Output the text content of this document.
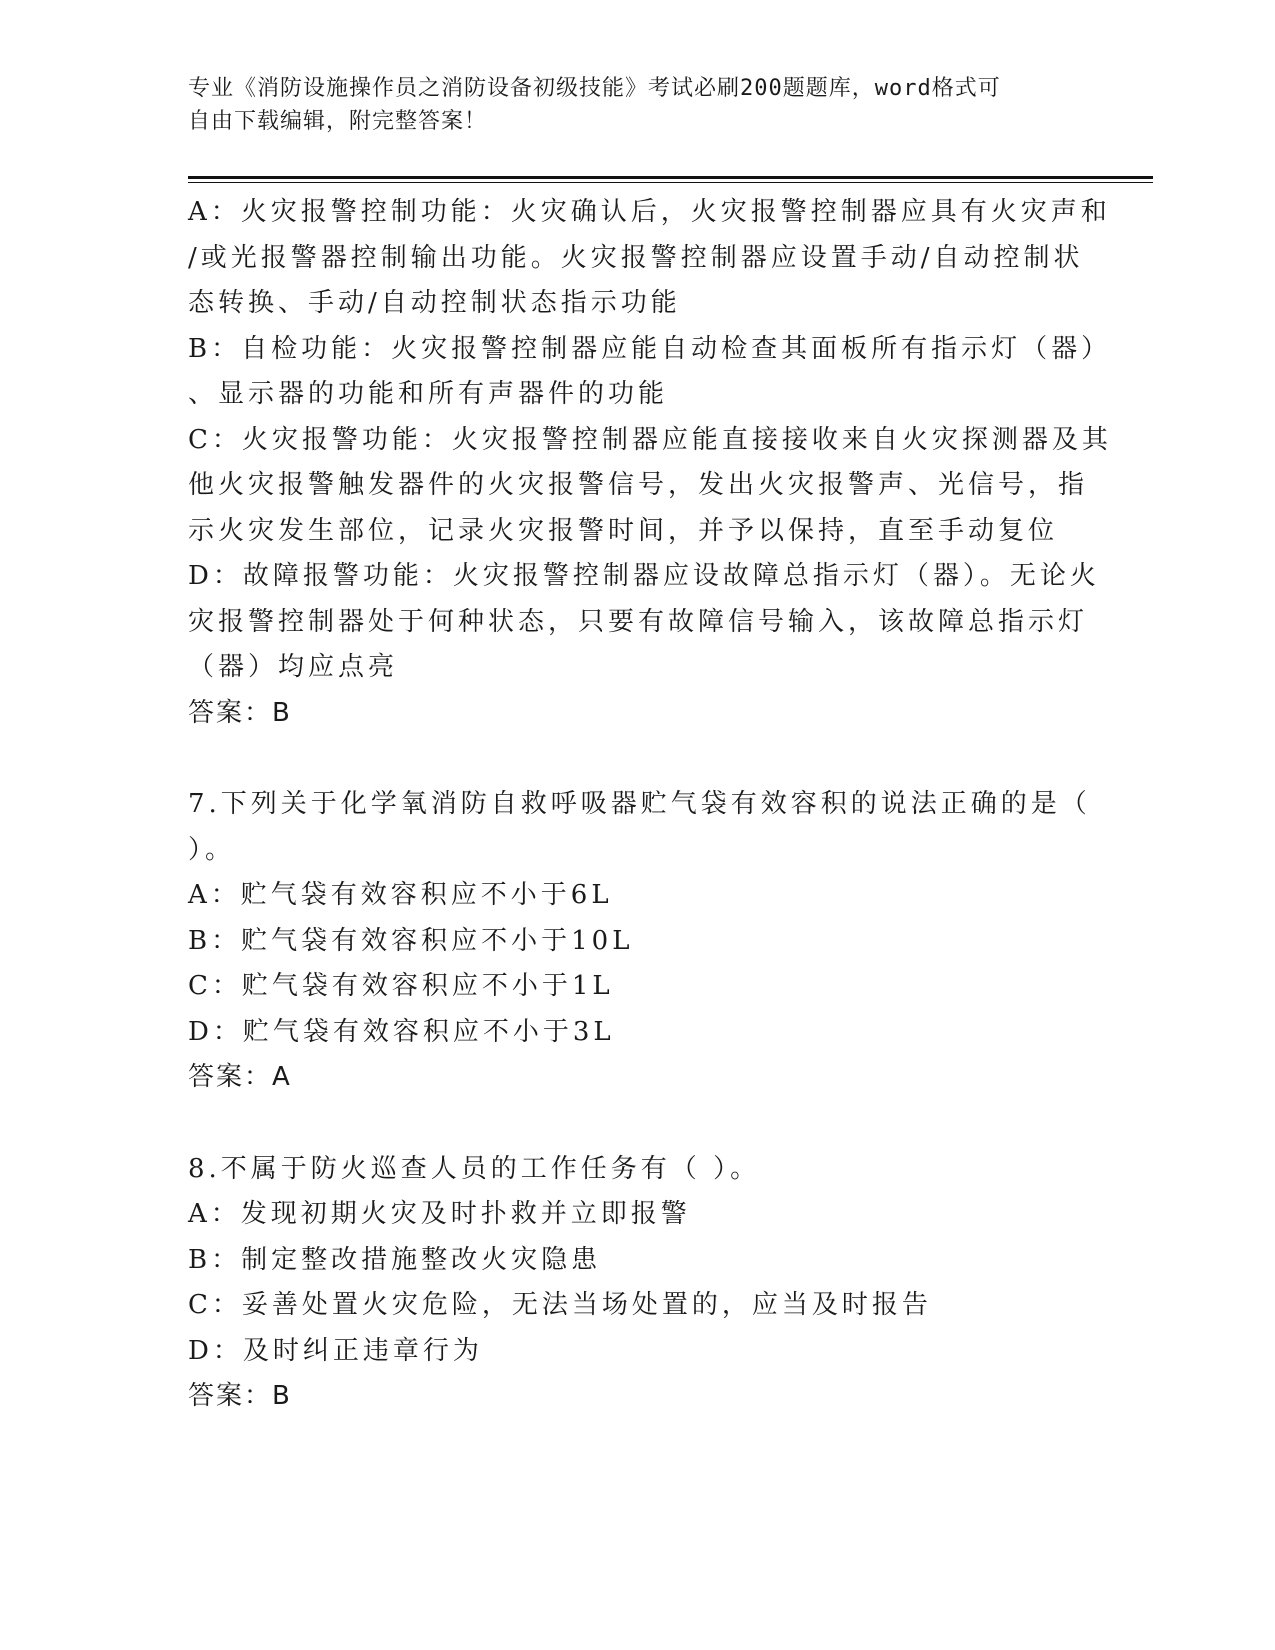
专业《消防设施操作员之消防设备初级技能》考试必刷200题题库，word格式可
自由下载编辑，附完整答案！

A：火灾报警控制功能：火灾确认后，火灾报警控制器应具有火灾声和

/或光报警器控制输出功能。火灾报警控制器应设置手动/自动控制状

态转换、手动/自动控制状态指示功能

B：自检功能：火灾报警控制器应能自动检查其面板所有指示灯（器）

、显示器的功能和所有声器件的功能

C：火灾报警功能：火灾报警控制器应能直接接收来自火灾探测器及其

他火灾报警触发器件的火灾报警信号，发出火灾报警声、光信号，指

示火灾发生部位，记录火灾报警时间，并予以保持，直至手动复位

D：故障报警功能：火灾报警控制器应设故障总指示灯（器）。无论火

灾报警控制器处于何种状态，只要有故障信号输入，该故障总指示灯

（器）均应点亮

答案：B

7.下列关于化学氧消防自救呼吸器贮气袋有效容积的说法正确的是（

）。

A：贮气袋有效容积应不小于6L

B：贮气袋有效容积应不小于10L

C：贮气袋有效容积应不小于1L

D：贮气袋有效容积应不小于3L

答案：A

8.不属于防火巡查人员的工作任务有（ ）。

A：发现初期火灾及时扑救并立即报警

B：制定整改措施整改火灾隐患

C：妥善处置火灾危险，无法当场处置的，应当及时报告

D：及时纠正违章行为

答案：B
